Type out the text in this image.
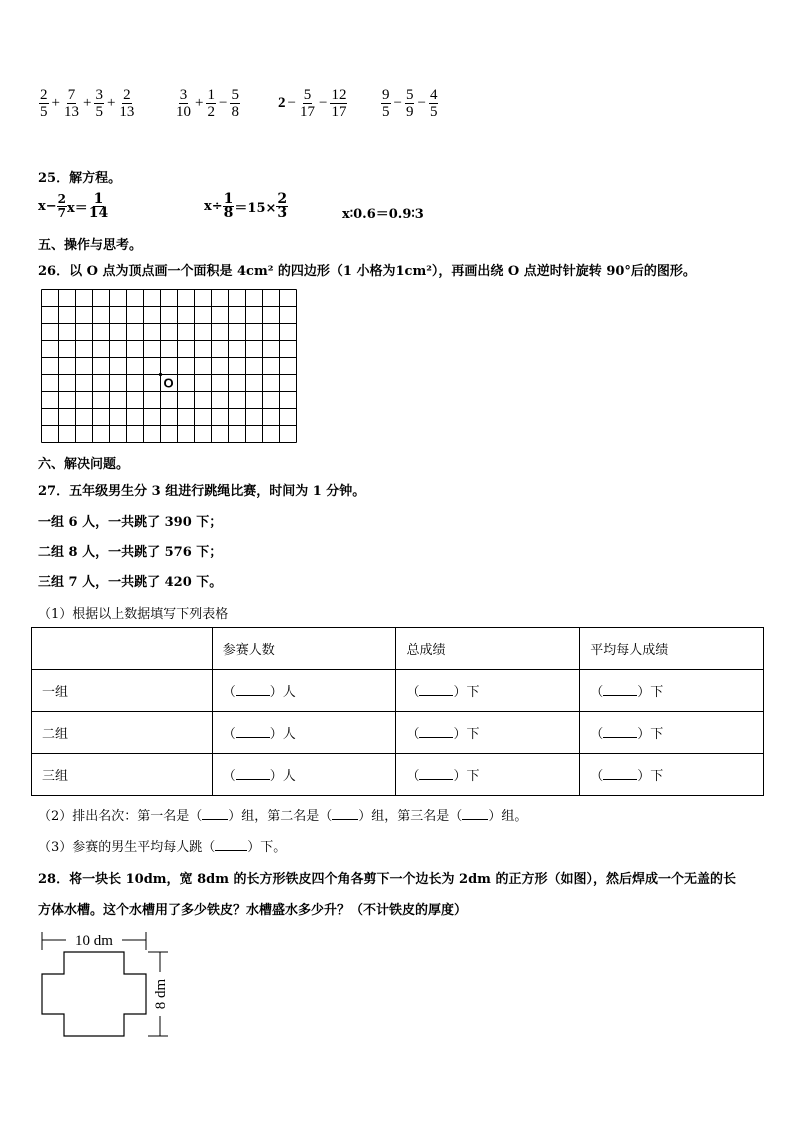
$\frac{2}{5} + \frac{7}{13} + \frac{3}{5} + \frac{2}{13}$	$\frac{3}{10} + \frac{1}{2} - \frac{5}{8}$	$2 - \frac{5}{17} - \frac{12}{17} \frac{9}{5} - \frac{5}{9} - \frac{4}{5}$
25．解方程。
$x- \frac{2}{7} x=$
1
14	$x\div \frac{1}{8} =15\times \frac{2}{3}$	x∶0.6＝0.9∶3
五、操作与思考。
26．以 O 点为顶点画一个面积是 4cm² 的四边形（1 小格为1cm²），再画出绕 O 点逆时针旋转 90°后的图形。
O
六、解决问题。
27．五年级男生分 3 组进行跳绳比赛，时间为 1 分钟。
一组 6 人，一共跳了 390 下；
二组 8 人，一共跳了 576 下；
三组 7 人，一共跳了 420 下。
（1）根据以上数据填写下列表格
	参赛人数	总成绩	平均每人成绩
一组	（ ）人	（ ）下	（ ）下
二组	（ ）人	（ ）下	（ ）下
三组	（ ）人	（ ）下	（ ）下
（2）排出名次：第一名是（ ）组，第二名是（ ）组，第三名是（ ）组。
（3）参赛的男生平均每人跳（ ）下。
28．将一块长 10dm，宽 8dm 的长方形铁皮四个角各剪下一个边长为 2dm 的正方形（如图），然后焊成一个无盖的长
方体水槽。这个水槽用了多少铁皮？水槽盛水多少升？（不计铁皮的厚度）
10 dm
8 dm
